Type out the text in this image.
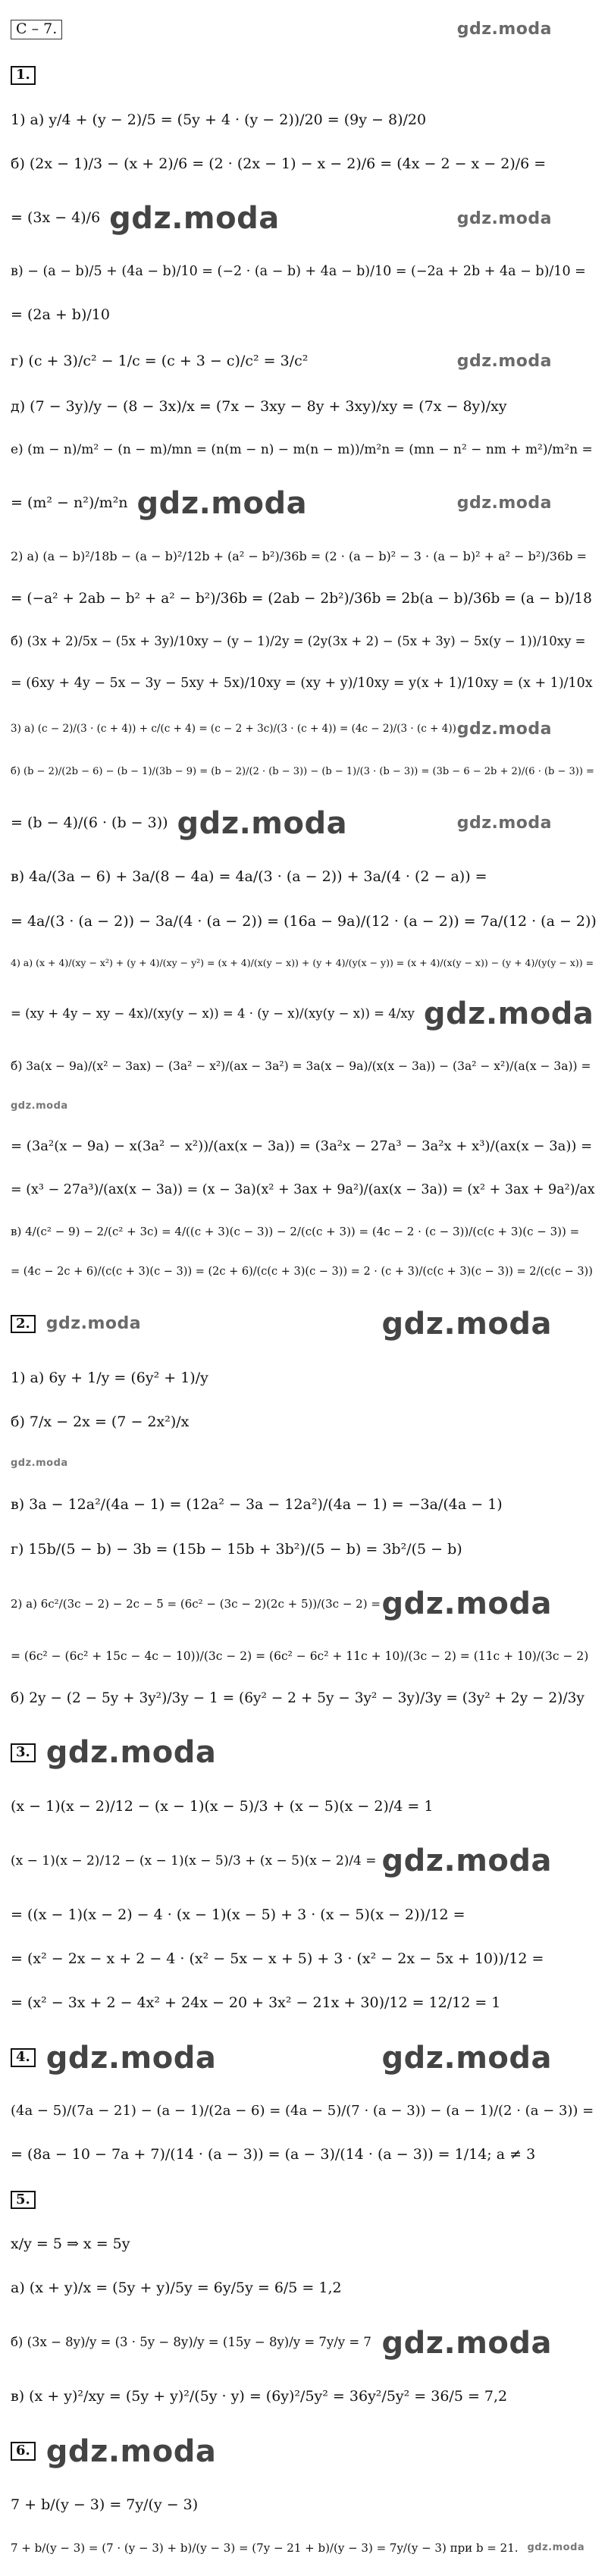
С – 7.	gdz.moda
1.
1) а) y/4 + (y − 2)/5 = (5y + 4 · (y − 2))/20 = (9y − 8)/20
б) (2x − 1)/3 − (x + 2)/6 = (2 · (2x − 1) − x − 2)/6 = (4x − 2 − x − 2)/6 =
= (3x − 4)/6 gdz.moda	gdz.moda
в) − (a − b)/5 + (4a − b)/10 = (−2 · (a − b) + 4a − b)/10 = (−2a + 2b + 4a − b)/10 =
= (2a + b)/10
г) (c + 3)/c² − 1/c = (c + 3 − c)/c² = 3/c²	gdz.moda
д) (7 − 3y)/y − (8 − 3x)/x = (7x − 3xy − 8y + 3xy)/xy = (7x − 8y)/xy
е) (m − n)/m² − (n − m)/mn = (n(m − n) − m(n − m))/m²n = (mn − n² − nm + m²)/m²n =
= (m² − n²)/m²n gdz.moda	gdz.moda
2) а) (a − b)²/18b − (a − b)²/12b + (a² − b²)/36b = (2 · (a − b)² − 3 · (a − b)² + a² − b²)/36b =
= (−a² + 2ab − b² + a² − b²)/36b = (2ab − 2b²)/36b = 2b(a − b)/36b = (a − b)/18
б) (3x + 2)/5x − (5x + 3y)/10xy − (y − 1)/2y = (2y(3x + 2) − (5x + 3y) − 5x(y − 1))/10xy =
= (6xy + 4y − 5x − 3y − 5xy + 5x)/10xy = (xy + y)/10xy = y(x + 1)/10xy = (x + 1)/10x
3) а) (c − 2)/(3 · (c + 4)) + c/(c + 4) = (c − 2 + 3c)/(3 · (c + 4)) = (4c − 2)/(3 · (c + 4)) gdz.moda
б) (b − 2)/(2b − 6) − (b − 1)/(3b − 9) = (b − 2)/(2 · (b − 3)) − (b − 1)/(3 · (b − 3)) = (3b − 6 − 2b + 2)/(6 · (b − 3)) =
= (b − 4)/(6 · (b − 3)) gdz.moda	gdz.moda
в) 4a/(3a − 6) + 3a/(8 − 4a) = 4a/(3 · (a − 2)) + 3a/(4 · (2 − a)) =
= 4a/(3 · (a − 2)) − 3a/(4 · (a − 2)) = (16a − 9a)/(12 · (a − 2)) = 7a/(12 · (a − 2))
4) а) (x + 4)/(xy − x²) + (y + 4)/(xy − y²) = (x + 4)/(x(y − x)) + (y + 4)/(y(x − y)) = (x + 4)/(x(y − x)) − (y + 4)/(y(y − x)) =
= (xy + 4y − xy − 4x)/(xy(y − x)) = 4 · (y − x)/(xy(y − x)) = 4/xy gdz.moda
б) 3a(x − 9a)/(x² − 3ax) − (3a² − x²)/(ax − 3a²) = 3a(x − 9a)/(x(x − 3a)) − (3a² − x²)/(a(x − 3a)) =
gdz.moda
= (3a²(x − 9a) − x(3a² − x²))/(ax(x − 3a)) = (3a²x − 27a³ − 3a²x + x³)/(ax(x − 3a)) =
= (x³ − 27a³)/(ax(x − 3a)) = (x − 3a)(x² + 3ax + 9a²)/(ax(x − 3a)) = (x² + 3ax + 9a²)/ax
в) 4/(c² − 9) − 2/(c² + 3c) = 4/((c + 3)(c − 3)) − 2/(c(c + 3)) = (4c − 2 · (c − 3))/(c(c + 3)(c − 3)) =
= (4c − 2c + 6)/(c(c + 3)(c − 3)) = (2c + 6)/(c(c + 3)(c − 3)) = 2 · (c + 3)/(c(c + 3)(c − 3)) = 2/(c(c − 3))
2. gdz.moda	gdz.moda
1) а) 6y + 1/y = (6y² + 1)/y
б) 7/x − 2x = (7 − 2x²)/x
gdz.moda
в) 3a − 12a²/(4a − 1) = (12a² − 3a − 12a²)/(4a − 1) = −3a/(4a − 1)
г) 15b/(5 − b) − 3b = (15b − 15b + 3b²)/(5 − b) = 3b²/(5 − b)
2) а) 6c²/(3c − 2) − 2c − 5 = (6c² − (3c − 2)(2c + 5))/(3c − 2) = gdz.moda
= (6c² − (6c² + 15c − 4c − 10))/(3c − 2) = (6c² − 6c² + 11c + 10)/(3c − 2) = (11c + 10)/(3c − 2)
б) 2y − (2 − 5y + 3y²)/3y − 1 = (6y² − 2 + 5y − 3y² − 3y)/3y = (3y² + 2y − 2)/3y
3. gdz.moda
(x − 1)(x − 2)/12 − (x − 1)(x − 5)/3 + (x − 5)(x − 2)/4 = 1
(x − 1)(x − 2)/12 − (x − 1)(x − 5)/3 + (x − 5)(x − 2)/4 = gdz.moda
= ((x − 1)(x − 2) − 4 · (x − 1)(x − 5) + 3 · (x − 5)(x − 2))/12 =
= (x² − 2x − x + 2 − 4 · (x² − 5x − x + 5) + 3 · (x² − 2x − 5x + 10))/12 =
= (x² − 3x + 2 − 4x² + 24x − 20 + 3x² − 21x + 30)/12 = 12/12 = 1
4. gdz.moda	gdz.moda
(4a − 5)/(7a − 21) − (a − 1)/(2a − 6) = (4a − 5)/(7 · (a − 3)) − (a − 1)/(2 · (a − 3)) =
= (8a − 10 − 7a + 7)/(14 · (a − 3)) = (a − 3)/(14 · (a − 3)) = 1/14; a ≠ 3
5.
x/y = 5 ⇒ x = 5y
а) (x + y)/x = (5y + y)/5y = 6y/5y = 6/5 = 1,2
б) (3x − 8y)/y = (3 · 5y − 8y)/y = (15y − 8y)/y = 7y/y = 7 gdz.moda
в) (x + y)²/xy = (5y + y)²/(5y · y) = (6y)²/5y² = 36y²/5y² = 36/5 = 7,2
6. gdz.moda
7 + b/(y − 3) = 7y/(y − 3)
7 + b/(y − 3) = (7 · (y − 3) + b)/(y − 3) = (7y − 21 + b)/(y − 3) = 7y/(y − 3) при b = 21. gdz.moda
